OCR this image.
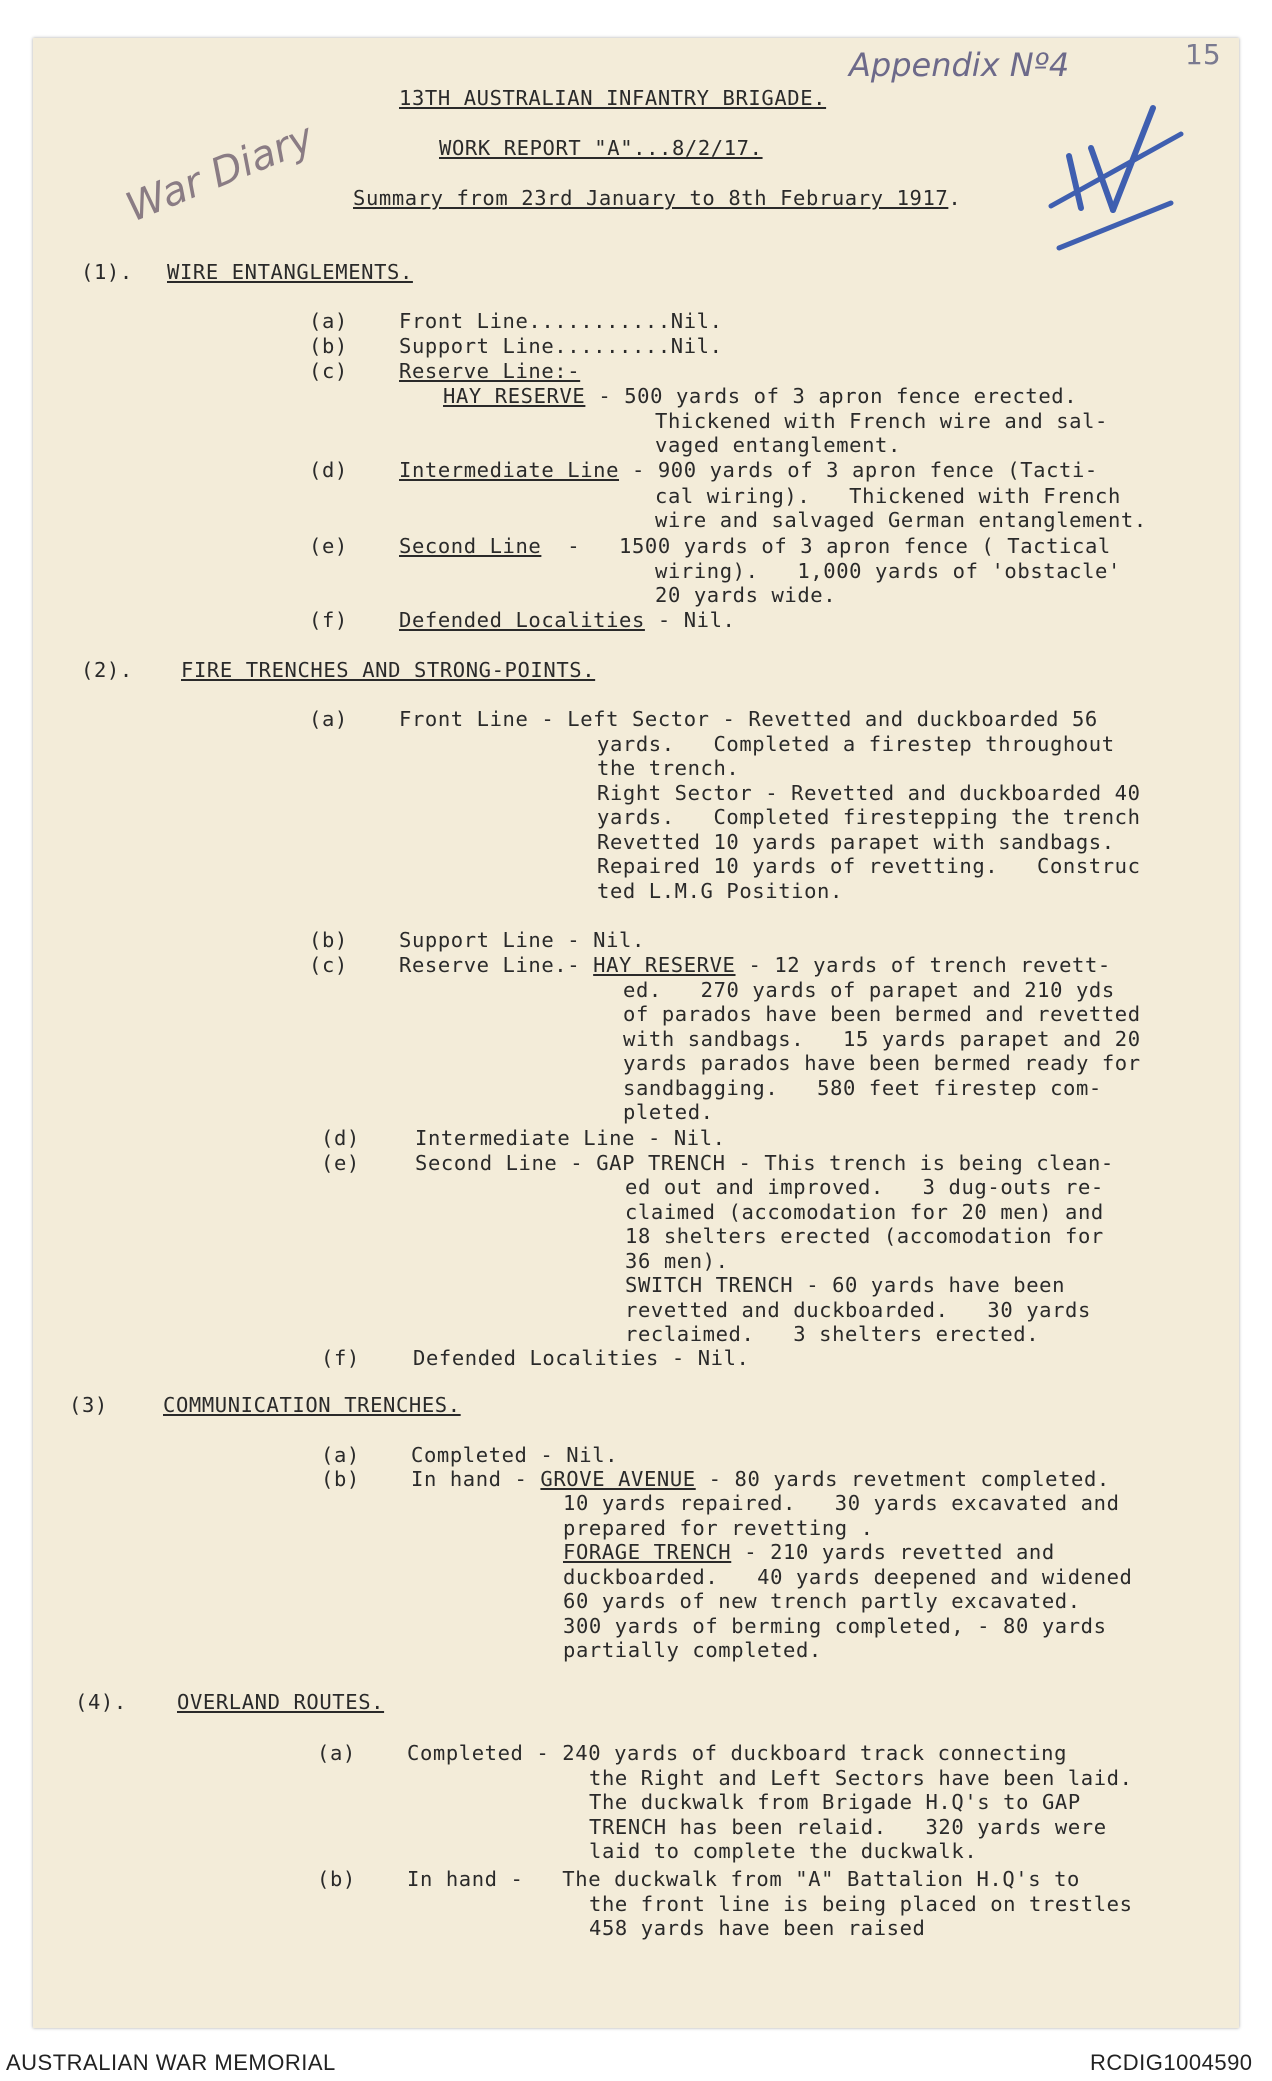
Appendix Nº4	15
War Diary
13TH AUSTRALIAN INFANTRY BRIGADE.
WORK REPORT "A"...8/2/17.
Summary from 23rd January to 8th February 1917.
(1). WIRE ENTANGLEMENTS.
(a) Front Line...........Nil.
(b) Support Line.........Nil.
(c) Reserve Line:-
HAY RESERVE - 500 yards of 3 apron fence erected.
Thickened with French wire and sal-
vaged entanglement.
(d) Intermediate Line - 900 yards of 3 apron fence (Tacti-
cal wiring).   Thickened with French
wire and salvaged German entanglement.
(e) Second Line  -   1500 yards of 3 apron fence ( Tactical
wiring).   1,000 yards of 'obstacle'
20 yards wide.
(f) Defended Localities - Nil.
(2). FIRE TRENCHES AND STRONG-POINTS.
(a) Front Line - Left Sector - Revetted and duckboarded 56
yards.   Completed a firestep throughout
the trench.
Right Sector - Revetted and duckboarded 40
yards.   Completed firestepping the trench
Revetted 10 yards parapet with sandbags.
Repaired 10 yards of revetting.   Construc
ted L.M.G Position.
(b) Support Line - Nil.
(c) Reserve Line.- HAY RESERVE - 12 yards of trench revett-
ed.   270 yards of parapet and 210 yds
of parados have been bermed and revetted
with sandbags.   15 yards parapet and 20
yards parados have been bermed ready for
sandbagging.   580 feet firestep com-
pleted.
(d)	Intermediate Line - Nil.
(e)	Second Line - GAP TRENCH - This trench is being clean-
ed out and improved.   3 dug-outs re-
claimed (accomodation for 20 men) and
18 shelters erected (accomodation for
36 men).
SWITCH TRENCH - 60 yards have been
revetted and duckboarded.   30 yards
reclaimed.   3 shelters erected.
(f)	Defended Localities - Nil.
(3)	COMMUNICATION TRENCHES.
(a) Completed - Nil.
(b) In hand - GROVE AVENUE - 80 yards revetment completed.
10 yards repaired.   30 yards excavated and
prepared for revetting .
FORAGE TRENCH - 210 yards revetted and
duckboarded.   40 yards deepened and widened
60 yards of new trench partly excavated.
300 yards of berming completed, - 80 yards
partially completed.
(4). OVERLAND ROUTES.
(a) Completed - 240 yards of duckboard track connecting
the Right and Left Sectors have been laid.
The duckwalk from Brigade H.Q's to GAP
TRENCH has been relaid.   320 yards were
laid to complete the duckwalk.
(b) In hand -   The duckwalk from "A" Battalion H.Q's to
the front line is being placed on trestles
458 yards have been raised
AUSTRALIAN WAR MEMORIAL	RCDIG1004590
